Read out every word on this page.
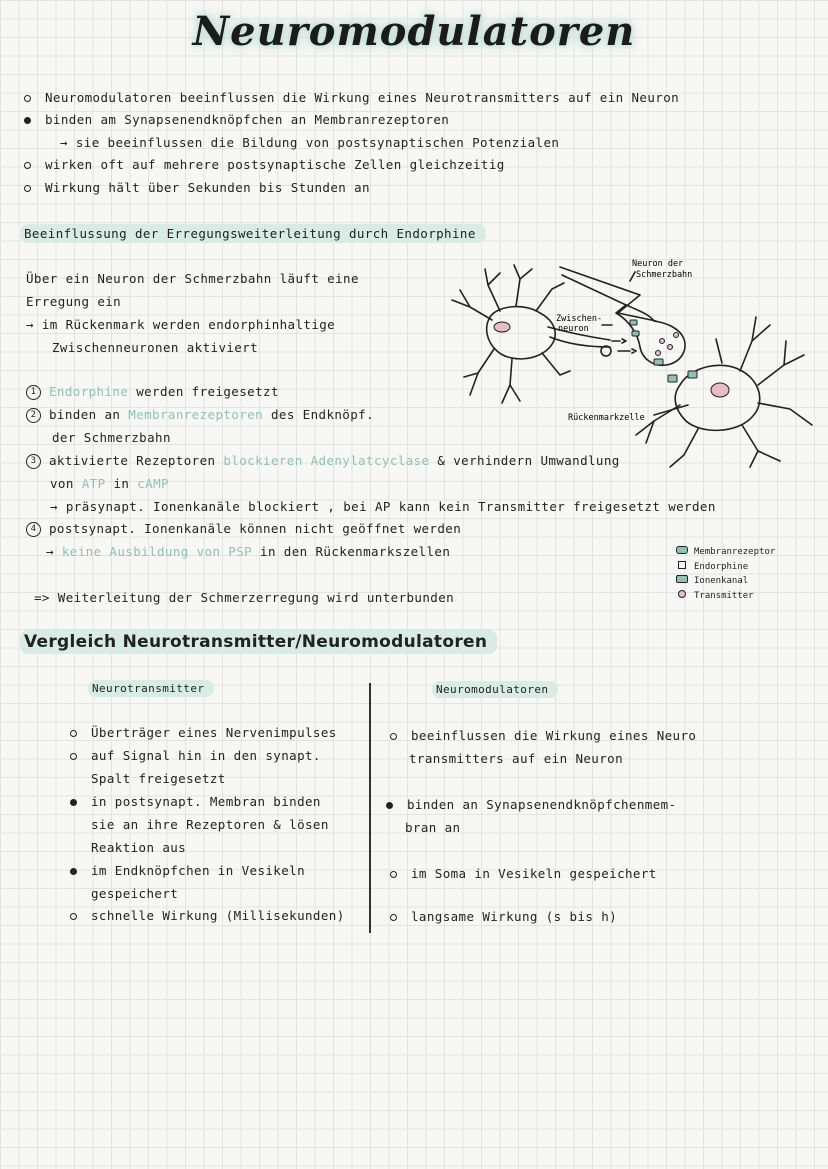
Neuromodulatoren
Neuromodulatoren beeinflussen die Wirkung eines Neurotransmitters auf ein Neuron
binden am Synapsenendknöpfchen an Membranrezeptoren
→ sie beeinflussen die Bildung von postsynaptischen Potenzialen
wirken oft auf mehrere postsynaptische Zellen gleichzeitig
Wirkung hält über Sekunden bis Stunden an
Beeinflussung der Erregungsweiterleitung durch Endorphine
Über ein Neuron der Schmerzbahn läuft eine
Erregung ein
→ im Rückenmark werden endorphinhaltige
Zwischenneuronen aktiviert
1 Endorphine werden freigesetzt
2 binden an Membranrezeptoren des Endknöpf.
der Schmerzbahn
3 aktivierte Rezeptoren blockieren Adenylatcyclase & verhindern Umwandlung
von ATP in cAMP
→ präsynapt. Ionenkanäle blockiert , bei AP kann kein Transmitter freigesetzt werden
4 postsynapt. Ionenkanäle können nicht geöffnet werden
→ keine Ausbildung von PSP in den Rückenmarkszellen
=> Weiterleitung der Schmerzerregung wird unterbunden
Neuron der
Schmerzbahn
Zwischen-
neuron
Rückenmarkzelle
Membranrezeptor
Endorphine
Ionenkanal
Transmitter
Vergleich Neurotransmitter/Neuromodulatoren
Neurotransmitter	Neuromodulatoren
Überträger eines Nervenimpulses
auf Signal hin in den synapt.
Spalt freigesetzt
in postsynapt. Membran binden
sie an ihre Rezeptoren & lösen
Reaktion aus
im Endknöpfchen in Vesikeln
gespeichert
schnelle Wirkung (Millisekunden)
beeinflussen die Wirkung eines Neuro
transmitters auf ein Neuron
binden an Synapsenendknöpfchenmem-
bran an
im Soma in Vesikeln gespeichert
langsame Wirkung (s bis h)
